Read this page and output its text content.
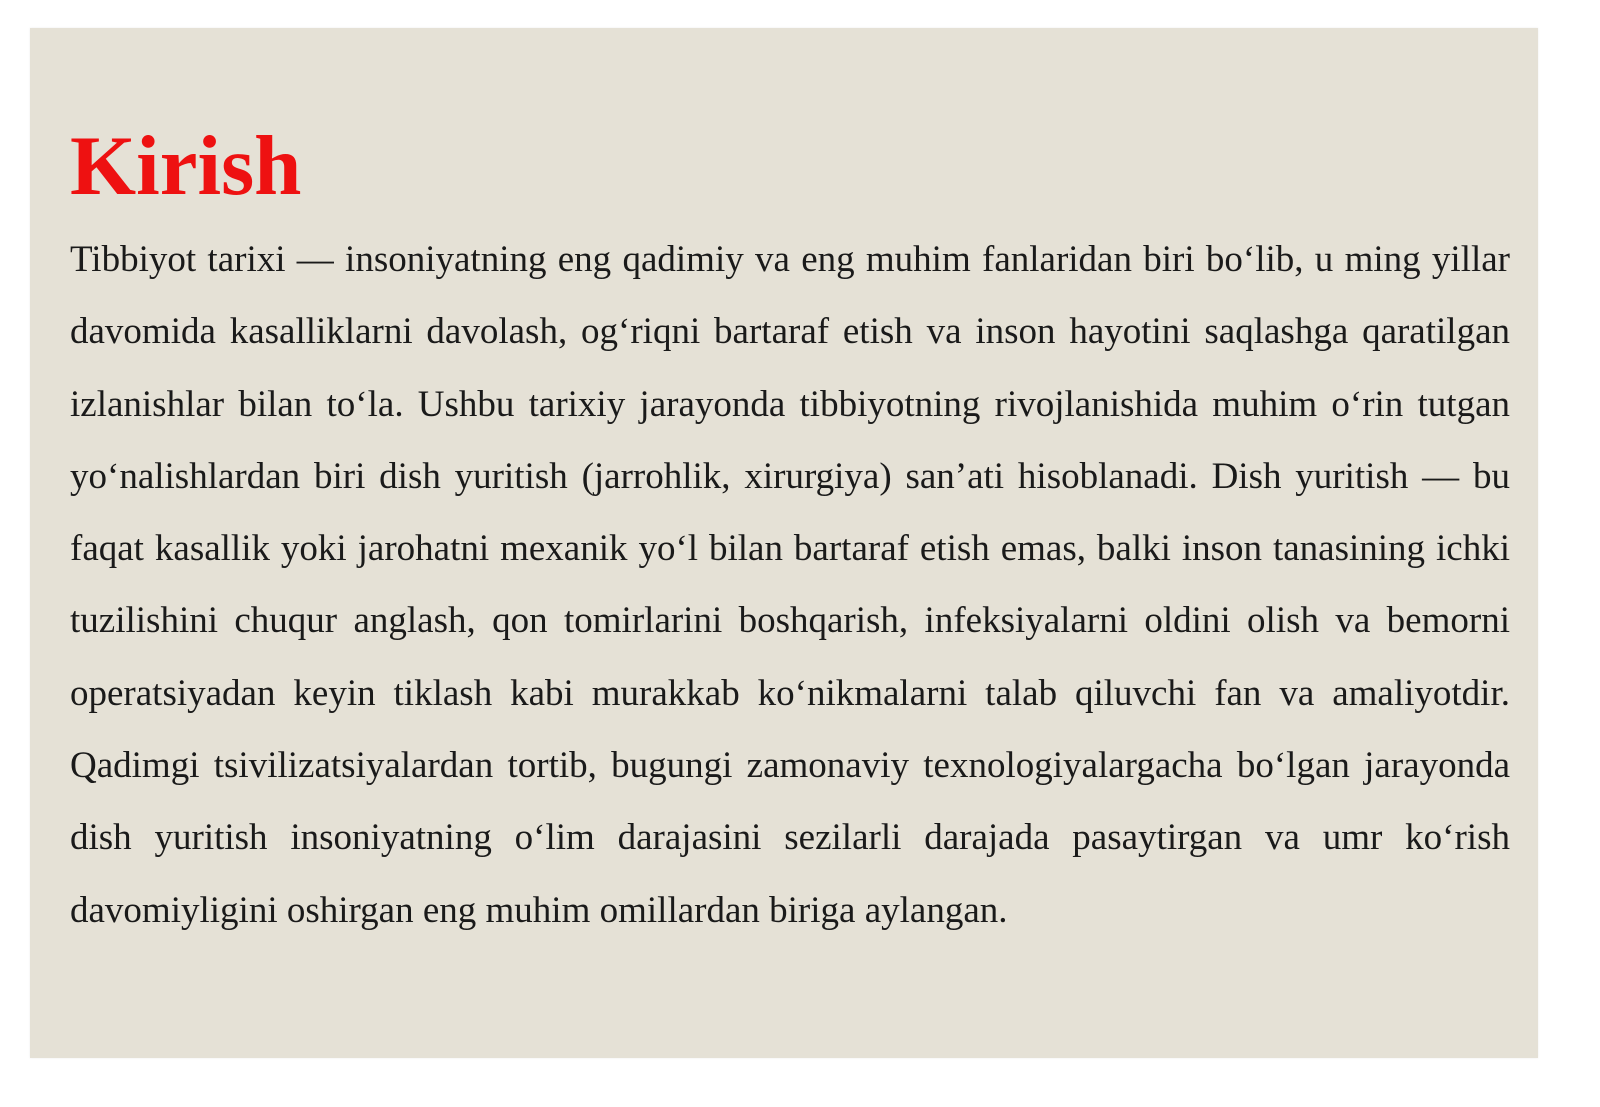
Kirish

Tibbiyot tarixi — insoniyatning eng qadimiy va eng muhim fanlaridan biri bo‘lib, u ming yillar davomida kasalliklarni davolash, og‘riqni bartaraf etish va inson hayotini saqlashga qaratilgan izlanishlar bilan to‘la. Ushbu tarixiy jarayonda tibbiyotning rivojlanishida muhim o‘rin tutgan yo‘nalishlardan biri dish yuritish (jarrohlik, xirurgiya) san’ati hisoblanadi. Dish yuritish — bu faqat kasallik yoki jarohatni mexanik yo‘l bilan bartaraf etish emas, balki inson tanasining ichki tuzilishini chuqur anglash, qon tomirlarini boshqarish, infeksiyalarni oldini olish va bemorni operatsiyadan keyin tiklash kabi murakkab ko‘nikmalarni talab qiluvchi fan va amaliyotdir. Qadimgi tsivilizatsiyalardan tortib, bugungi zamonaviy texnologiyalargacha bo‘lgan jarayonda dish yuritish insoniyatning o‘lim darajasini sezilarli darajada pasaytirgan va umr ko‘rish davomiyligini oshirgan eng muhim omillardan biriga aylangan.
